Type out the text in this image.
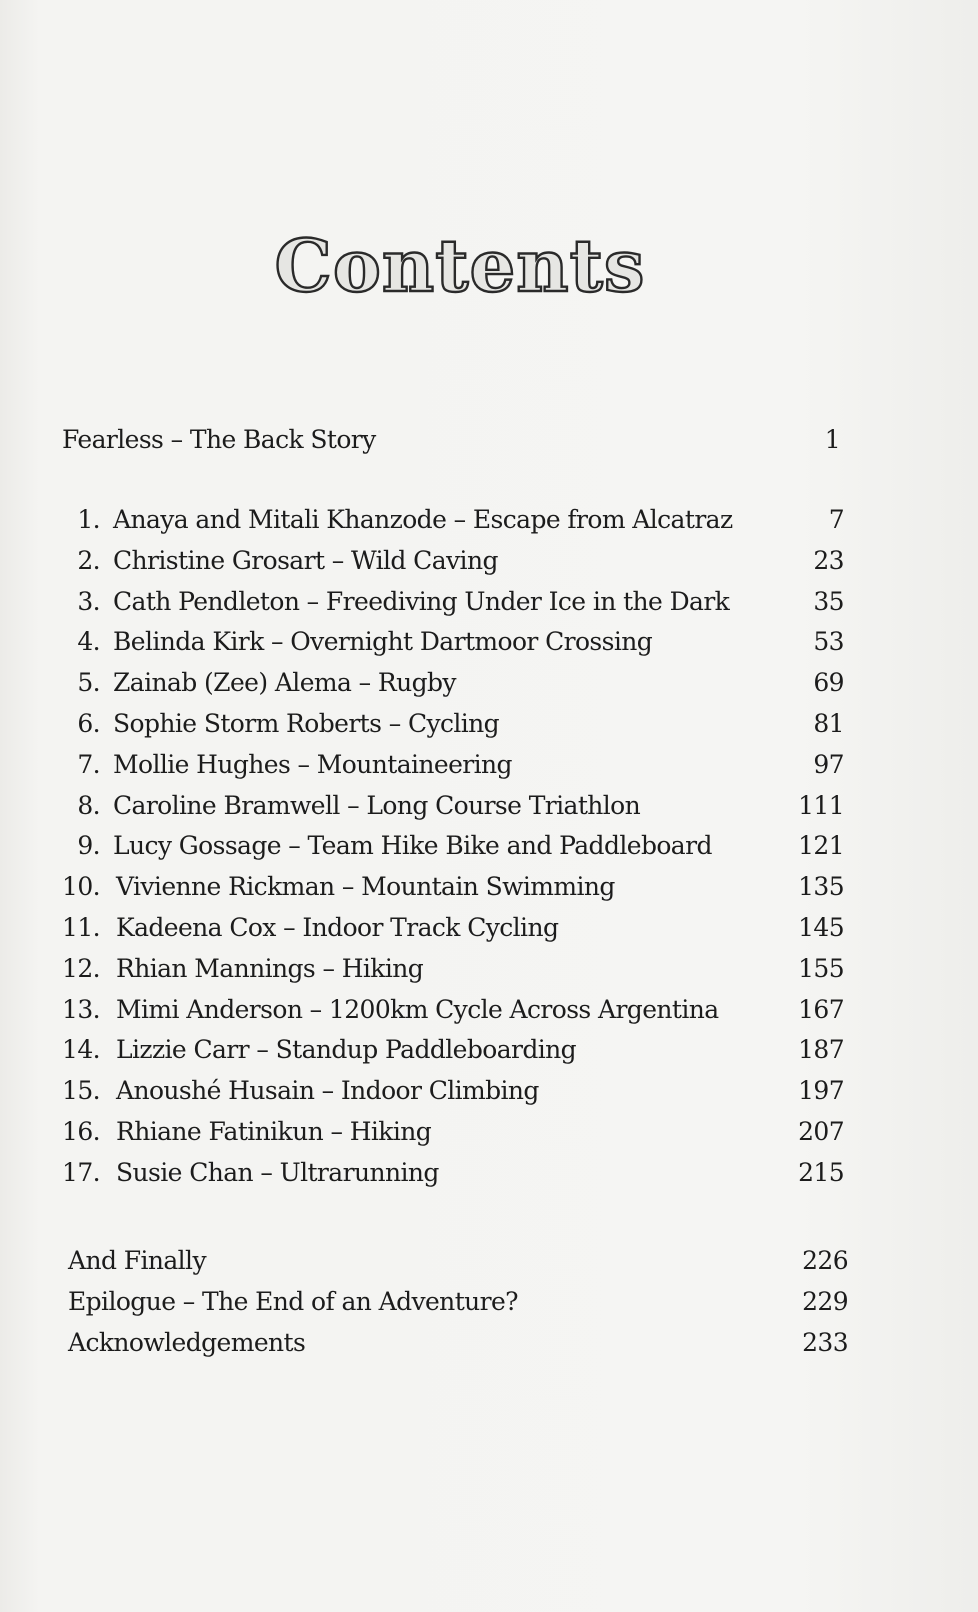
Contents
Fearless – The Back Story	1
1. Anaya and Mitali Khanzode – Escape from Alcatraz	7
2. Christine Grosart – Wild Caving	23
3. Cath Pendleton – Freediving Under Ice in the Dark	35
4. Belinda Kirk – Overnight Dartmoor Crossing	53
5. Zainab (Zee) Alema – Rugby	69
6. Sophie Storm Roberts – Cycling	81
7. Mollie Hughes – Mountaineering	97
8. Caroline Bramwell – Long Course Triathlon	111
9. Lucy Gossage – Team Hike Bike and Paddleboard	121
10. Vivienne Rickman – Mountain Swimming	135
11. Kadeena Cox – Indoor Track Cycling	145
12. Rhian Mannings – Hiking	155
13. Mimi Anderson – 1200km Cycle Across Argentina	167
14. Lizzie Carr – Standup Paddleboarding	187
15. Anoushé Husain – Indoor Climbing	197
16. Rhiane Fatinikun – Hiking	207
17. Susie Chan – Ultrarunning	215
And Finally	226
Epilogue – The End of an Adventure?	229
Acknowledgements	233
